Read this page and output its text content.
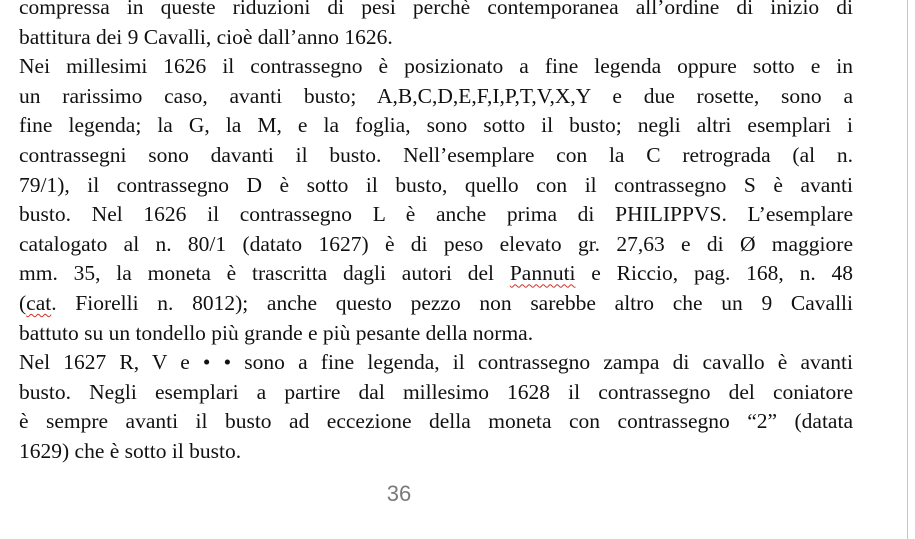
compressa in queste riduzioni di pesi perchè contemporanea all’ordine di inizio di
battitura dei 9 Cavalli, cioè dall’anno 1626.
Nei millesimi 1626 il contrassegno è posizionato a fine legenda oppure sotto e in
un rarissimo caso, avanti busto; A,B,C,D,E,F,I,P,T,V,X,Y e due rosette, sono a
fine legenda; la G, la M, e la foglia, sono sotto il busto; negli altri esemplari i
contrassegni sono davanti il busto. Nell’esemplare con la C retrograda (al n.
79/1), il contrassegno D è sotto il busto, quello con il contrassegno S è avanti
busto. Nel 1626 il contrassegno L è anche prima di PHILIPPVS. L’esemplare
catalogato al n. 80/1 (datato 1627) è di peso elevato gr. 27,63 e di Ø maggiore
mm. 35, la moneta è trascritta dagli autori del Pannuti e Riccio, pag. 168, n. 48
(cat. Fiorelli n. 8012); anche questo pezzo non sarebbe altro che un 9 Cavalli
battuto su un tondello più grande e più pesante della norma.
Nel 1627 R, V e • • sono a fine legenda, il contrassegno zampa di cavallo è avanti
busto. Negli esemplari a partire dal millesimo 1628 il contrassegno del coniatore
è sempre avanti il busto ad eccezione della moneta con contrassegno “2” (datata
1629) che è sotto il busto.
36
